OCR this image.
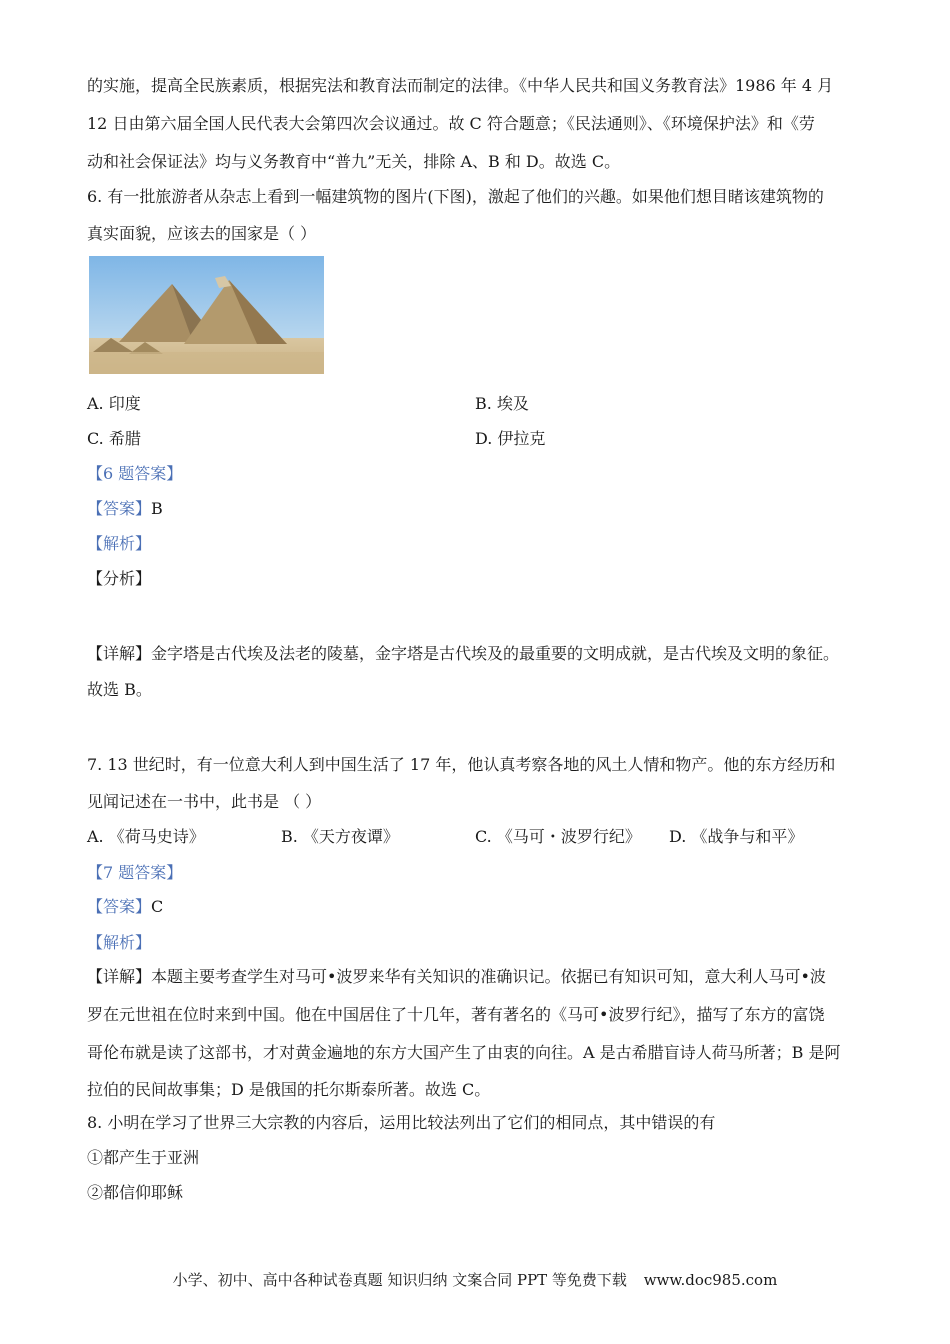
的实施，提高全民族素质，根据宪法和教育法而制定的法律。《中华人民共和国义务教育法》1986 年 4 月
12 日由第六届全国人民代表大会第四次会议通过。故 C 符合题意；《民法通则》、《环境保护法》和《劳
动和社会保证法》均与义务教育中“普九”无关，排除 A、B 和 D。故选 C。
6. 有一批旅游者从杂志上看到一幅建筑物的图片(下图)，激起了他们的兴趣。如果他们想目睹该建筑物的
真实面貌，应该去的国家是（ ）
A. 印度	B. 埃及
C. 希腊	D. 伊拉克
【6 题答案】
【答案】B
【解析】
【分析】
【详解】金字塔是古代埃及法老的陵墓，金字塔是古代埃及的最重要的文明成就，是古代埃及文明的象征。
故选 B。
7. 13 世纪时，有一位意大利人到中国生活了 17 年，他认真考察各地的风土人情和物产。他的东方经历和
见闻记述在一书中，此书是 （ ）
A. 《荷马史诗》	B. 《天方夜谭》	C. 《马可・波罗行纪》 D. 《战争与和平》
【7 题答案】
【答案】C
【解析】
【详解】本题主要考查学生对马可•波罗来华有关知识的准确识记。依据已有知识可知，意大利人马可•波
罗在元世祖在位时来到中国。他在中国居住了十几年，著有著名的《马可•波罗行纪》，描写了东方的富饶
哥伦布就是读了这部书，才对黄金遍地的东方大国产生了由衷的向往。A 是古希腊盲诗人荷马所著；B 是阿
拉伯的民间故事集；D 是俄国的托尔斯泰所著。故选 C。
8. 小明在学习了世界三大宗教的内容后，运用比较法列出了它们的相同点，其中错误的有
①都产生于亚洲
②都信仰耶稣
小学、初中、高中各种试卷真题 知识归纳 文案合同 PPT 等免费下载 www.doc985.com
